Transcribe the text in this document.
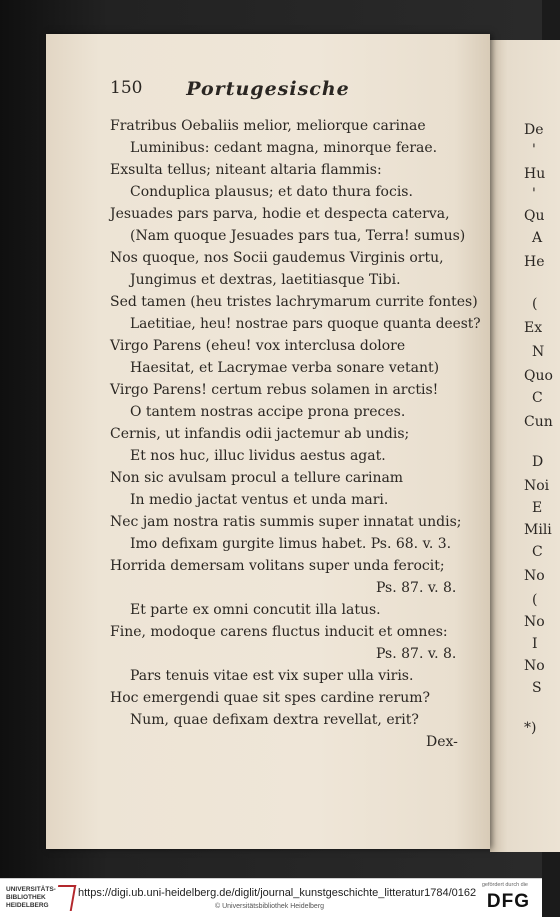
De
'
Hu
'
Qu
A
He
(
Ex
N
Quo
C
Cun
D
Noi
E
Mili
C
No
(
No
I
No
S
*)
150	Portugesische
Fratribus Oebaliis melior, meliorque carinae
Luminibus: cedant magna, minorque ferae.
Exsulta tellus; niteant altaria flammis:
Conduplica plausus; et dato thura focis.
Jesuades pars parva, hodie et despecta caterva,
(Nam quoque Jesuades pars tua, Terra! sumus)
Nos quoque, nos Socii gaudemus Virginis ortu,
Jungimus et dextras, laetitiasque Tibi.
Sed tamen (heu tristes lachrymarum currite fontes)
Laetitiae, heu! nostrae pars quoque quanta deest?
Virgo Parens (eheu! vox interclusa dolore
Haesitat, et Lacrymae verba sonare vetant)
Virgo Parens! certum rebus solamen in arctis!
O tantem nostras accipe prona preces.
Cernis, ut infandis odii jactemur ab undis;
Et nos huc, illuc lividus aestus agat.
Non sic avulsam procul a tellure carinam
In medio jactat ventus et unda mari.
Nec jam nostra ratis summis super innatat undis;
Imo defixam gurgite limus habet. Ps. 68. v. 3.
Horrida demersam volitans super unda ferocit;
Ps. 87. v. 8.
Et parte ex omni concutit illa latus.
Fine, modoque carens fluctus inducit et omnes:
Ps. 87. v. 8.
Pars tenuis vitae est vix super ulla viris.
Hoc emergendi quae sit spes cardine rerum?
Num, quae defixam dextra revellat, erit?
Dex-
UNIVERSITÄTS-
BIBLIOTHEK
HEIDELBERG
https://digi.ub.uni-heidelberg.de/diglit/journal_kunstgeschichte_litteratur1784/0162
© Universitätsbibliothek Heidelberg
gefördert durch die
DFG
